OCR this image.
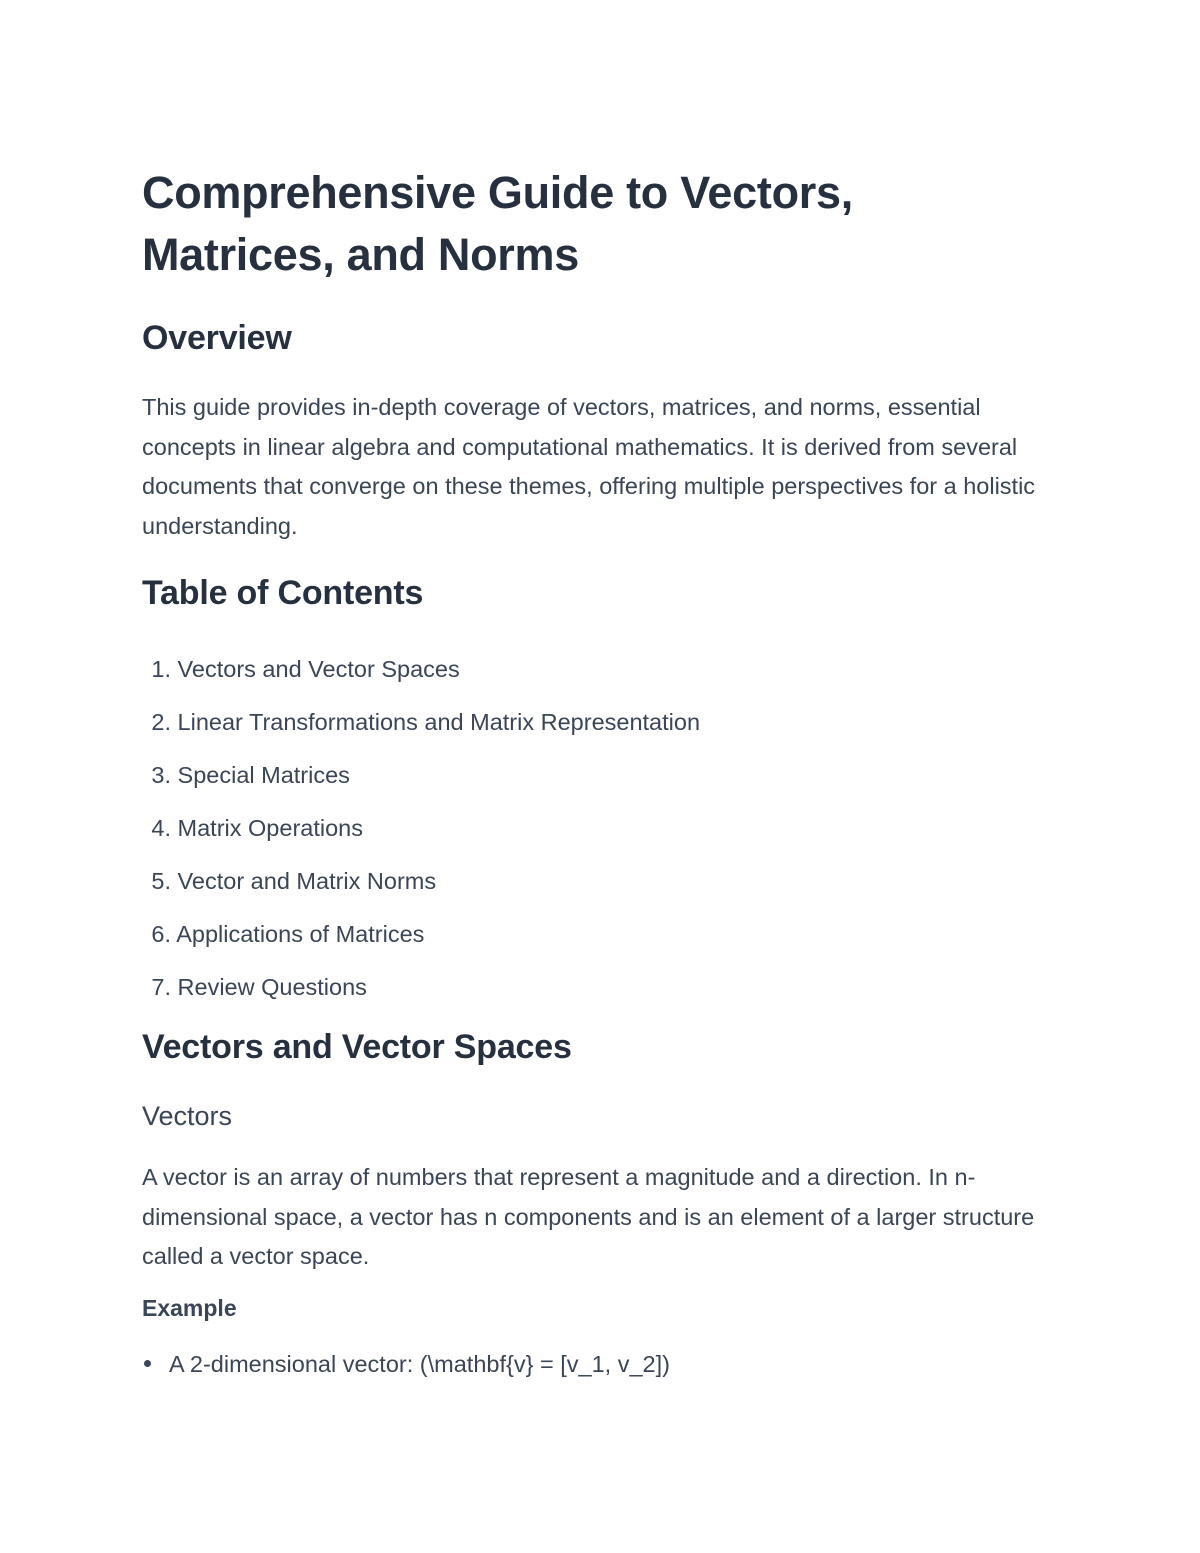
Comprehensive Guide to Vectors, Matrices, and Norms
Overview

This guide provides in-depth coverage of vectors, matrices, and norms, essential concepts in linear algebra and computational mathematics. It is derived from several documents that converge on these themes, offering multiple perspectives for a holistic understanding.

Table of Contents
1. Vectors and Vector Spaces
2. Linear Transformations and Matrix Representation
3. Special Matrices
4. Matrix Operations
5. Vector and Matrix Norms
6. Applications of Matrices
7. Review Questions
Vectors and Vector Spaces
Vectors

A vector is an array of numbers that represent a magnitude and a direction. In n-dimensional space, a vector has n components and is an element of a larger structure called a vector space.

Example
A 2-dimensional vector: (\mathbf{v} = [v_1, v_2])
